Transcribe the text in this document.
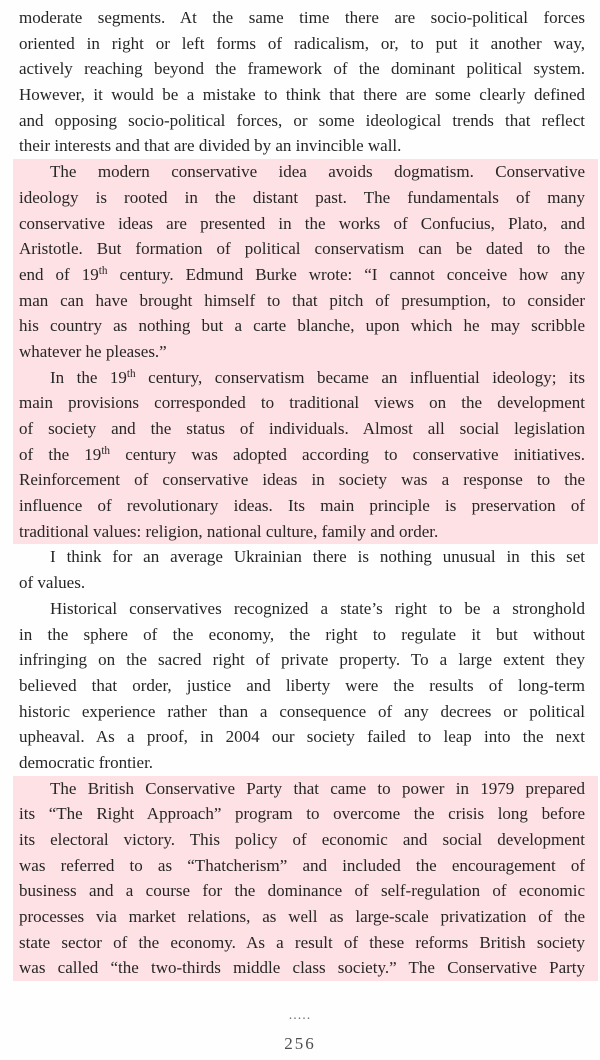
moderate segments. At the same time there are socio-political forces
oriented in right or left forms of radicalism, or, to put it another way,
actively reaching beyond the framework of the dominant political system.
However, it would be a mistake to think that there are some clearly defined
and opposing socio-political forces, or some ideological trends that reflect
their interests and that are divided by an invincible wall.
The modern conservative idea avoids dogmatism. Conservative
ideology is rooted in the distant past. The fundamentals of many
conservative ideas are presented in the works of Confucius, Plato, and
Aristotle. But formation of political conservatism can be dated to the
end of 19th century. Edmund Burke wrote: “I cannot conceive how any
man can have brought himself to that pitch of presumption, to consider
his country as nothing but a carte blanche, upon which he may scribble
whatever he pleases.”
In the 19th century, conservatism became an influential ideology; its
main provisions corresponded to traditional views on the development
of society and the status of individuals. Almost all social legislation
of the 19th century was adopted according to conservative initiatives.
Reinforcement of conservative ideas in society was a response to the
influence of revolutionary ideas. Its main principle is preservation of
traditional values: religion, national culture, family and order.
I think for an average Ukrainian there is nothing unusual in this set
of values.
Historical conservatives recognized a state’s right to be a stronghold
in the sphere of the economy, the right to regulate it but without
infringing on the sacred right of private property. To a large extent they
believed that order, justice and liberty were the results of long-term
historic experience rather than a consequence of any decrees or political
upheaval. As a proof, in 2004 our society failed to leap into the next
democratic frontier.
The British Conservative Party that came to power in 1979 prepared
its “The Right Approach” program to overcome the crisis long before
its electoral victory. This policy of economic and social development
was referred to as “Thatcherism” and included the encouragement of
business and a course for the dominance of self-regulation of economic
processes via market relations, as well as large-scale privatization of the
state sector of the economy. As a result of these reforms British society
was called “the two-thirds middle class society.” The Conservative Party
.....
256
